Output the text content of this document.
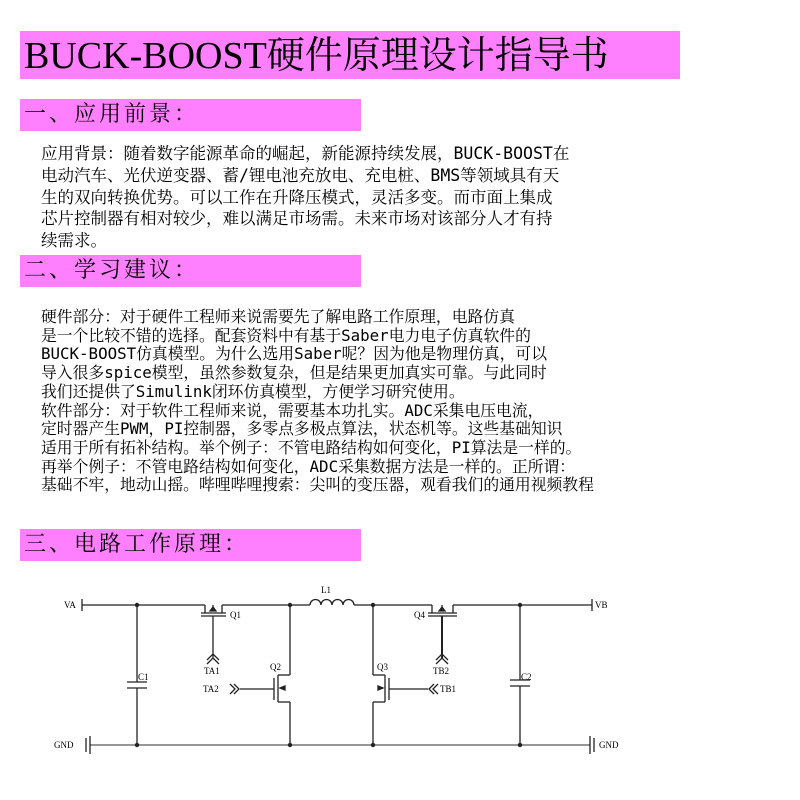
BUCK-BOOST硬件原理设计指导书
一、应用前景：
应用背景：随着数字能源革命的崛起，新能源持续发展，BUCK-BOOST在
电动汽车、光伏逆变器、蓄/锂电池充放电、充电桩、BMS等领域具有天
生的双向转换优势。可以工作在升降压模式，灵活多变。而市面上集成
芯片控制器有相对较少，难以满足市场需。未来市场对该部分人才有持
续需求。
二、学习建议：
硬件部分：对于硬件工程师来说需要先了解电路工作原理，电路仿真
是一个比较不错的选择。配套资料中有基于Saber电力电子仿真软件的
BUCK-BOOST仿真模型。为什么选用Saber呢？因为他是物理仿真，可以
导入很多spice模型，虽然参数复杂，但是结果更加真实可靠。与此同时
我们还提供了Simulink闭环仿真模型，方便学习研究使用。
软件部分：对于软件工程师来说，需要基本功扎实。ADC采集电压电流，
定时器产生PWM，PI控制器，多零点多极点算法，状态机等。这些基础知识
适用于所有拓补结构。举个例子：不管电路结构如何变化，PI算法是一样的。
再举个例子：不管电路结构如何变化，ADC采集数据方法是一样的。正所谓：
基础不牢，地动山摇。哔哩哔哩搜索：尖叫的变压器，观看我们的通用视频教程
三、电路工作原理：
VA	VB
L1
Q1	Q4
Q2	Q3
C1	C2
TA1	TB2
TA2	TB1
GND	GND
